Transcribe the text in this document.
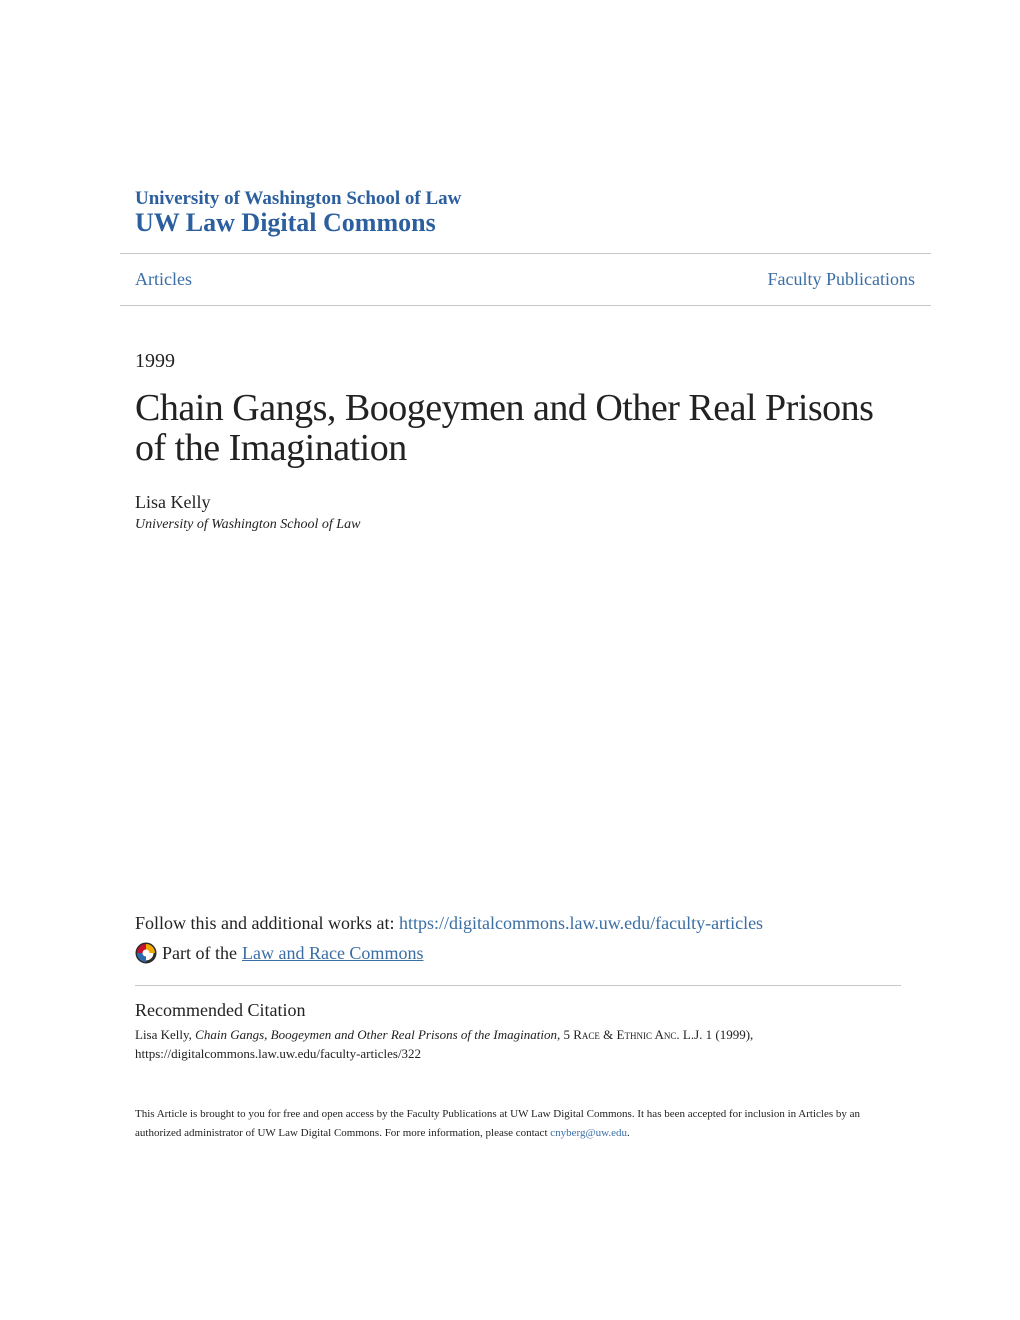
University of Washington School of Law
UW Law Digital Commons
Articles	Faculty Publications
1999
Chain Gangs, Boogeymen and Other Real Prisons of the Imagination
Lisa Kelly
University of Washington School of Law
Follow this and additional works at: https://digitalcommons.law.uw.edu/faculty-articles
Part of the Law and Race Commons
Recommended Citation
Lisa Kelly, Chain Gangs, Boogeymen and Other Real Prisons of the Imagination, 5 Race & Ethnic Anc. L.J. 1 (1999),
https://digitalcommons.law.uw.edu/faculty-articles/322
This Article is brought to you for free and open access by the Faculty Publications at UW Law Digital Commons. It has been accepted for inclusion in Articles by an authorized administrator of UW Law Digital Commons. For more information, please contact cnyberg@uw.edu.
